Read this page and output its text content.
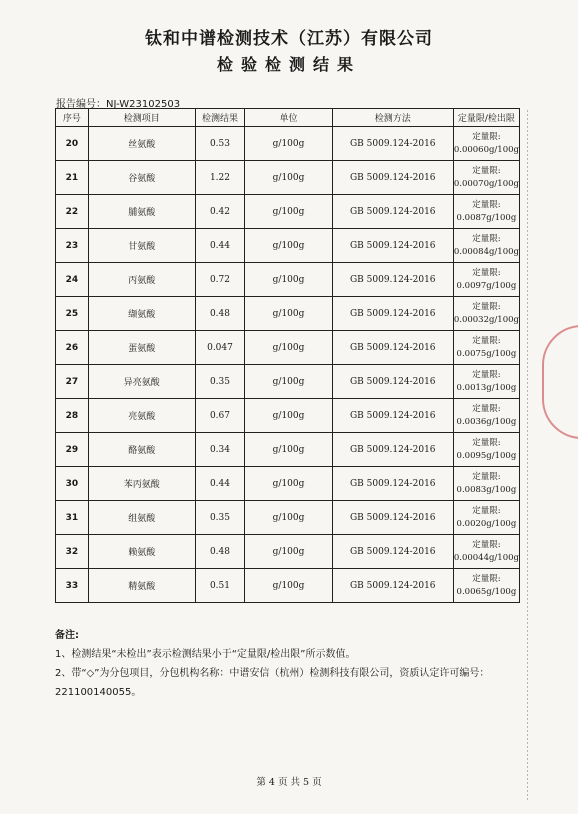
钛和中谱检测技术（江苏）有限公司
检验检测结果
报告编号：NJ-W23102503
序号	检测项目	检测结果	单位	检测方法	定量限/检出限
20	丝氨酸	0.53	g/100g	GB 5009.124-2016	定量限:
0.00060g/100g

21	谷氨酸	1.22	g/100g	GB 5009.124-2016	定量限:
0.00070g/100g

22	脯氨酸	0.42	g/100g	GB 5009.124-2016	定量限:
0.0087g/100g

23	甘氨酸	0.44	g/100g	GB 5009.124-2016	定量限:
0.00084g/100g

24	丙氨酸	0.72	g/100g	GB 5009.124-2016	定量限:
0.0097g/100g

25	缬氨酸	0.48	g/100g	GB 5009.124-2016	定量限:
0.00032g/100g

26	蛋氨酸	0.047	g/100g	GB 5009.124-2016	定量限:
0.0075g/100g

27	异亮氨酸	0.35	g/100g	GB 5009.124-2016	定量限:
0.0013g/100g

28	亮氨酸	0.67	g/100g	GB 5009.124-2016	定量限:
0.0036g/100g

29	酪氨酸	0.34	g/100g	GB 5009.124-2016	定量限:
0.0095g/100g

30	苯丙氨酸	0.44	g/100g	GB 5009.124-2016	定量限:
0.0083g/100g

31	组氨酸	0.35	g/100g	GB 5009.124-2016	定量限:
0.0020g/100g

32	赖氨酸	0.48	g/100g	GB 5009.124-2016	定量限:
0.00044g/100g

33	精氨酸	0.51	g/100g	GB 5009.124-2016	定量限:
0.0065g/100g
备注:
1、检测结果“未检出”表示检测结果小于“定量限/检出限”所示数值。
2、带“◇”为分包项目，分包机构名称：中谱安信（杭州）检测科技有限公司，资质认定许可编号：
221100140055。
第 4 页 共 5 页
